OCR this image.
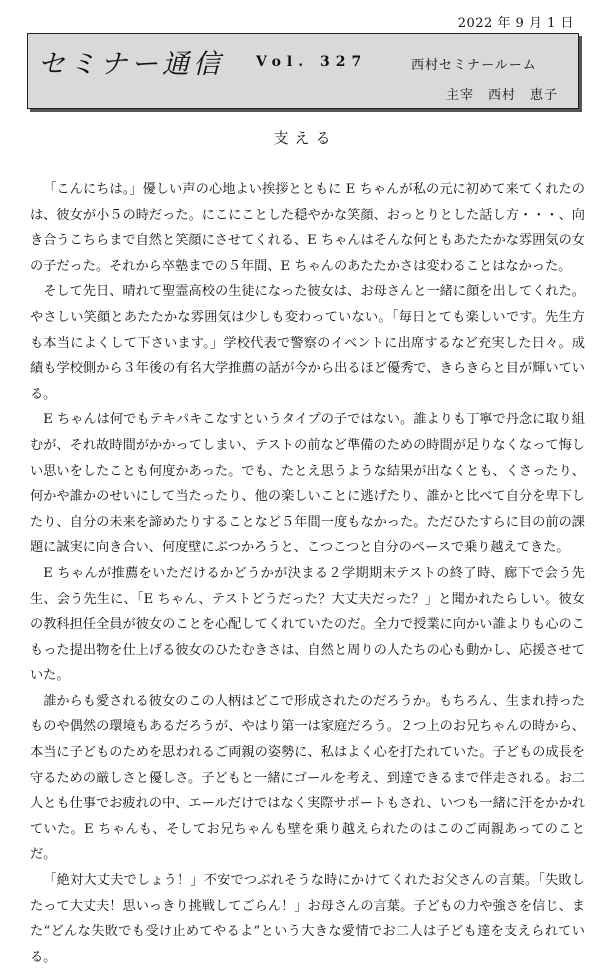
2022 年 9 月 1 日
セミナー通信 Vol. 327	西村セミナールーム
主宰　西村　恵子
支える

「こんにちは。」優しい声の心地よい挨拶とともに E ちゃんが私の元に初めて来てくれたのは、彼女が小５の時だった。にこにことした穏やかな笑顔、おっとりとした話し方・・・、向き合うこちらまで自然と笑顔にさせてくれる、E ちゃんはそんな何ともあたたかな雰囲気の女の子だった。それから卒塾までの５年間、E ちゃんのあたたかさは変わることはなかった。

そして先日、晴れて聖霊高校の生徒になった彼女は、お母さんと一緒に顔を出してくれた。やさしい笑顔とあたたかな雰囲気は少しも変わっていない。「毎日とても楽しいです。先生方も本当によくして下さいます。」学校代表で警察のイベントに出席するなど充実した日々。成績も学校側から３年後の有名大学推薦の話が今から出るほど優秀で、きらきらと目が輝いている。

E ちゃんは何でもテキパキこなすというタイプの子ではない。誰よりも丁寧で丹念に取り組むが、それ故時間がかかってしまい、テストの前など準備のための時間が足りなくなって悔しい思いをしたことも何度かあった。でも、たとえ思うような結果が出なくとも、くさったり、何かや誰かのせいにして当たったり、他の楽しいことに逃げたり、誰かと比べて自分を卑下したり、自分の未来を諦めたりすることなど５年間一度もなかった。ただひたすらに目の前の課題に誠実に向き合い、何度壁にぶつかろうと、こつこつと自分のペースで乗り越えてきた。

E ちゃんが推薦をいただけるかどうかが決まる２学期期末テストの終了時、廊下で会う先生、会う先生に、「E ちゃん、テストどうだった？大丈夫だった？」と聞かれたらしい。彼女の教科担任全員が彼女のことを心配してくれていたのだ。全力で授業に向かい誰よりも心のこもった提出物を仕上げる彼女のひたむきさは、自然と周りの人たちの心も動かし、応援させていた。

誰からも愛される彼女のこの人柄はどこで形成されたのだろうか。もちろん、生まれ持ったものや偶然の環境もあるだろうが、やはり第一は家庭だろう。２つ上のお兄ちゃんの時から、本当に子どものためを思われるご両親の姿勢に、私はよく心を打たれていた。子どもの成長を守るための厳しさと優しさ。子どもと一緒にゴールを考え、到達できるまで伴走される。お二人とも仕事でお疲れの中、エールだけではなく実際サポートもされ、いつも一緒に汗をかかれていた。E ちゃんも、そしてお兄ちゃんも壁を乗り越えられたのはこのご両親あってのことだ。

「絶対大丈夫でしょう！」不安でつぶれそうな時にかけてくれたお父さんの言葉。「失敗したって大丈夫！思いっきり挑戦してごらん！」お母さんの言葉。子どもの力や強さを信じ、また“どんな失敗でも受け止めてやるよ”という大きな愛情でお二人は子ども達を支えられている。
